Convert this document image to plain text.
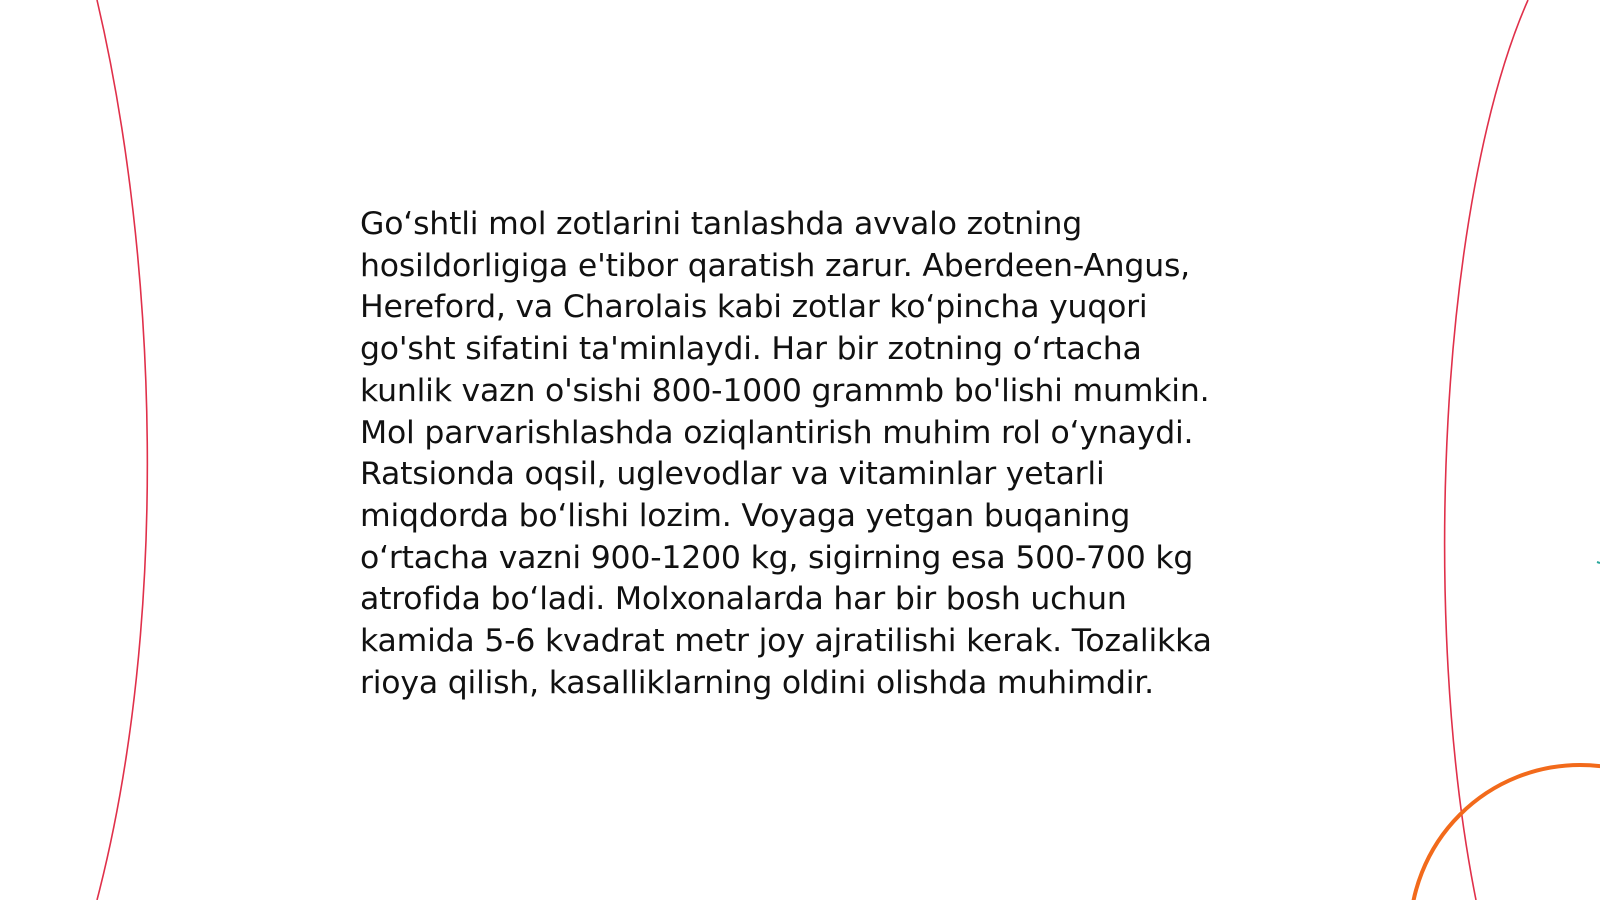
Goʻshtli mol zotlarini tanlashda avvalo zotning
hosildorligiga e'tibor qaratish zarur. Aberdeen-Angus,
Hereford, va Charolais kabi zotlar koʻpincha yuqori
go'sht sifatini ta'minlaydi. Har bir zotning oʻrtacha
kunlik vazn o'sishi 800-1000 grammb bo'lishi mumkin.
Mol parvarishlashda oziqlantirish muhim rol oʻynaydi.
Ratsionda oqsil, uglevodlar va vitaminlar yetarli
miqdorda boʻlishi lozim. Voyaga yetgan buqaning
oʻrtacha vazni 900-1200 kg, sigirning esa 500-700 kg
atrofida boʻladi. Molxonalarda har bir bosh uchun
kamida 5-6 kvadrat metr joy ajratilishi kerak. Tozalikka
rioya qilish, kasalliklarning oldini olishda muhimdir.
